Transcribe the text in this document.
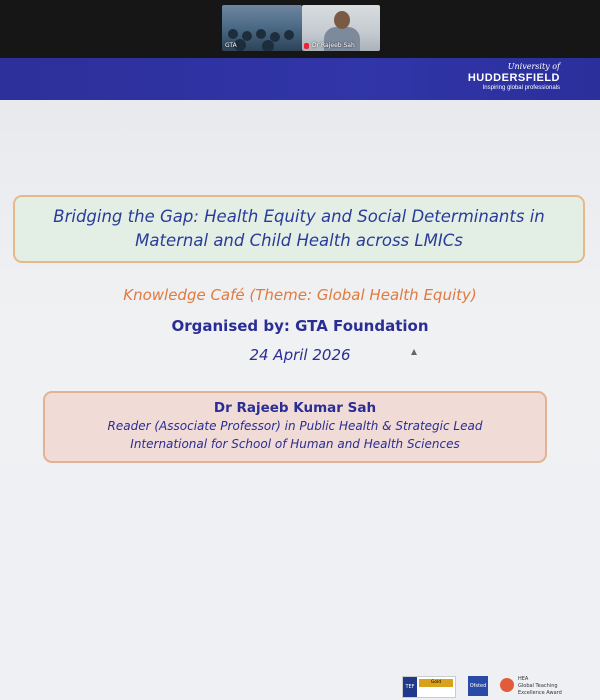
GTA	Dr Rajeeb Sah
University of
HUDDERSFIELD
Inspiring global professionals
Bridging the Gap: Health Equity and Social Determinants in
Maternal and Child Health across LMICs
Knowledge Café (Theme: Global Health Equity)
Organised by: GTA Foundation
24 April 2026
Dr Rajeeb Kumar Sah
Reader (Associate Professor) in Public Health & Strategic Lead
International for School of Human and Health Sciences
TEF
Gold
Ofsted
HEA
Global Teaching
Excellence Award
